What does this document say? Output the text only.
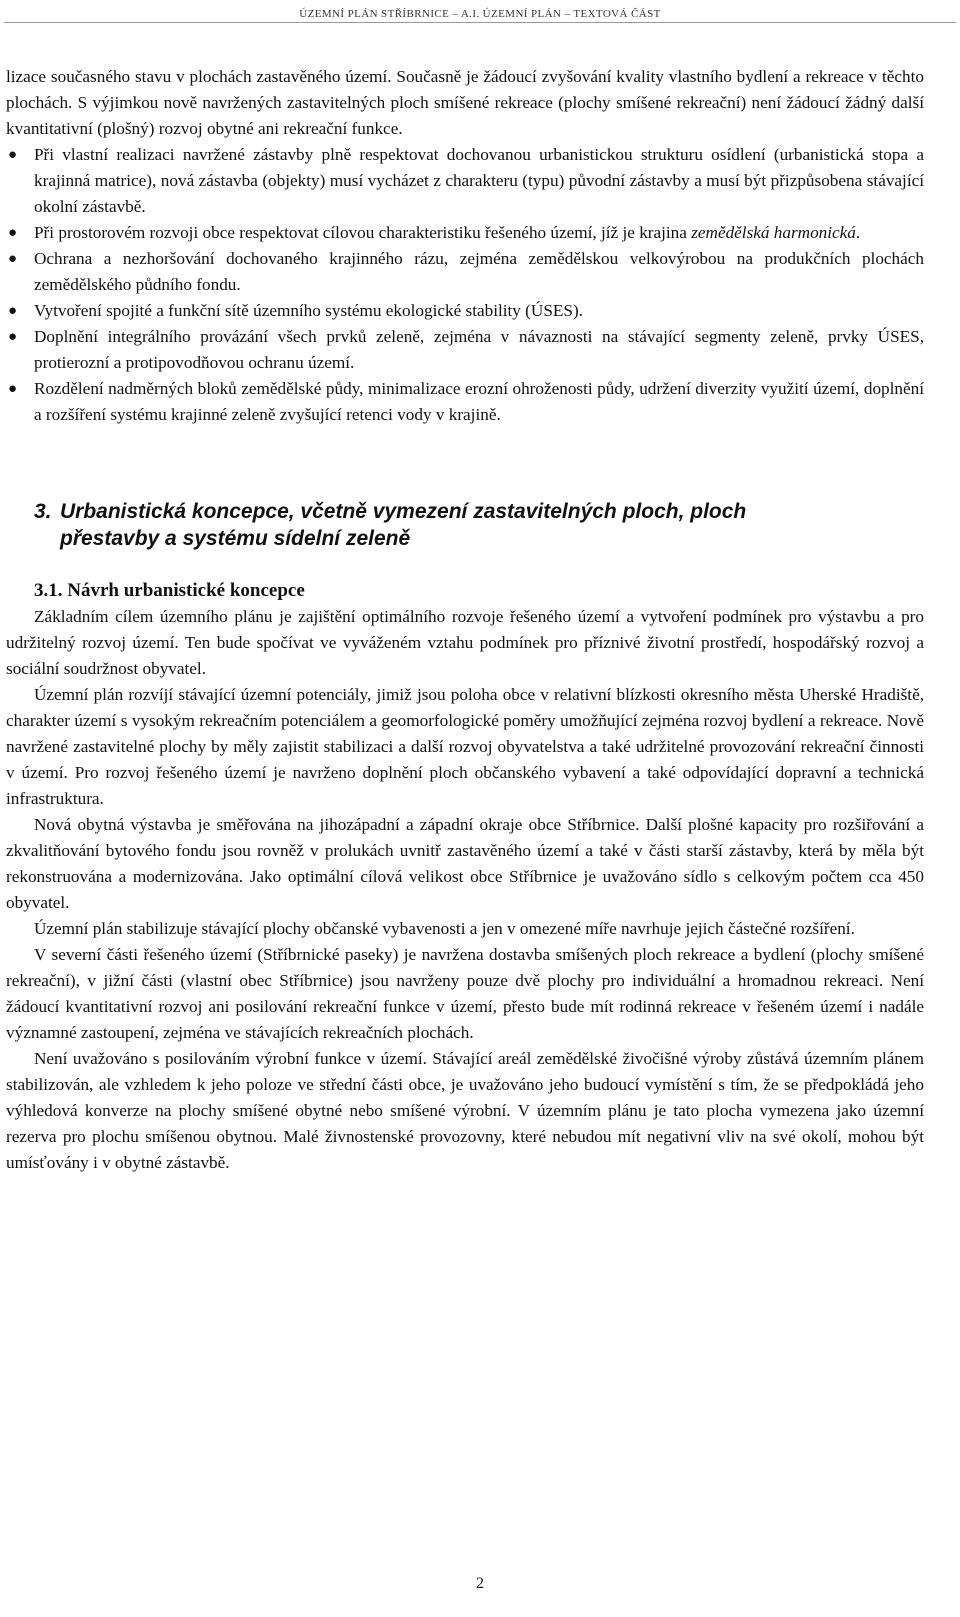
ÚZEMNÍ PLÁN STŘÍBRNICE – A.I. ÚZEMNÍ PLÁN – TEXTOVÁ ČÁST

lizace současného stavu v plochách zastavěného území. Současně je žádoucí zvyšování kvality vlastního bydlení a rekreace v těchto plochách. S výjimkou nově navržených zastavitelných ploch smíšené rekreace (plochy smíšené rekreační) není žádoucí žádný další kvantitativní (plošný) rozvoj obytné ani rekreační funkce.

● Při vlastní realizaci navržené zástavby plně respektovat dochovanou urbanistickou strukturu osídlení (urbanistická stopa a krajinná matrice), nová zástavba (objekty) musí vycházet z charakteru (typu) původní zástavby a musí být přizpůsobena stávající okolní zástavbě.
● Při prostorovém rozvoji obce respektovat cílovou charakteristiku řešeného území, jíž je krajina zemědělská harmonická.
● Ochrana a nezhoršování dochovaného krajinného rázu, zejména zemědělskou velkovýrobou na produkčních plochách zemědělského půdního fondu.
● Vytvoření spojité a funkční sítě územního systému ekologické stability (ÚSES).
● Doplnění integrálního provázání všech prvků zeleně, zejména v návaznosti na stávající segmenty zeleně, prvky ÚSES, protierozní a protipovodňovou ochranu území.
● Rozdělení nadměrných bloků zemědělské půdy, minimalizace erozní ohroženosti půdy, udržení diverzity využití území, doplnění a rozšíření systému krajinné zeleně zvyšující retenci vody v krajině.
3. Urbanistická koncepce, včetně vymezení zastavitelných ploch, ploch
přestavby a systému sídelní zeleně
3.1. Návrh urbanistické koncepce

Základním cílem územního plánu je zajištění optimálního rozvoje řešeného území a vytvoření podmínek pro výstavbu a pro udržitelný rozvoj území. Ten bude spočívat ve vyváženém vztahu podmínek pro příznivé životní prostředí, hospodářský rozvoj a sociální soudržnost obyvatel.

Územní plán rozvíjí stávající územní potenciály, jimiž jsou poloha obce v relativní blízkosti okresního města Uherské Hradiště, charakter území s vysokým rekreačním potenciálem a geomorfologické poměry umožňující zejména rozvoj bydlení a rekreace. Nově navržené zastavitelné plochy by měly zajistit stabilizaci a další rozvoj obyvatelstva a také udržitelné provozování rekreační činnosti v území. Pro rozvoj řešeného území je navrženo doplnění ploch občanského vybavení a také odpovídající dopravní a technická infrastruktura.

Nová obytná výstavba je směřována na jihozápadní a západní okraje obce Stříbrnice. Další plošné kapacity pro rozšiřování a zkvalitňování bytového fondu jsou rovněž v prolukách uvnitř zastavěného území a také v části starší zástavby, která by měla být rekonstruována a modernizována. Jako optimální cílová velikost obce Stříbrnice je uvažováno sídlo s celkovým počtem cca 450 obyvatel.

Územní plán stabilizuje stávající plochy občanské vybavenosti a jen v omezené míře navrhuje jejich částečné rozšíření.

V severní části řešeného území (Stříbrnické paseky) je navržena dostavba smíšených ploch rekreace a bydlení (plochy smíšené rekreační), v jižní části (vlastní obec Stříbrnice) jsou navrženy pouze dvě plochy pro individuální a hromadnou rekreaci. Není žádoucí kvantitativní rozvoj ani posilování rekreační funkce v území, přesto bude mít rodinná rekreace v řešeném území i nadále významné zastoupení, zejména ve stávajících rekreačních plochách.

Není uvažováno s posilováním výrobní funkce v území. Stávající areál zemědělské živočišné výroby zůstává územním plánem stabilizován, ale vzhledem k jeho poloze ve střední části obce, je uvažováno jeho budoucí vymístění s tím, že se předpokládá jeho výhledová konverze na plochy smíšené obytné nebo smíšené výrobní. V územním plánu je tato plocha vymezena jako územní rezerva pro plochu smíšenou obytnou. Malé živnostenské provozovny, které nebudou mít negativní vliv na své okolí, mohou být umísťovány i v obytné zástavbě.

2
